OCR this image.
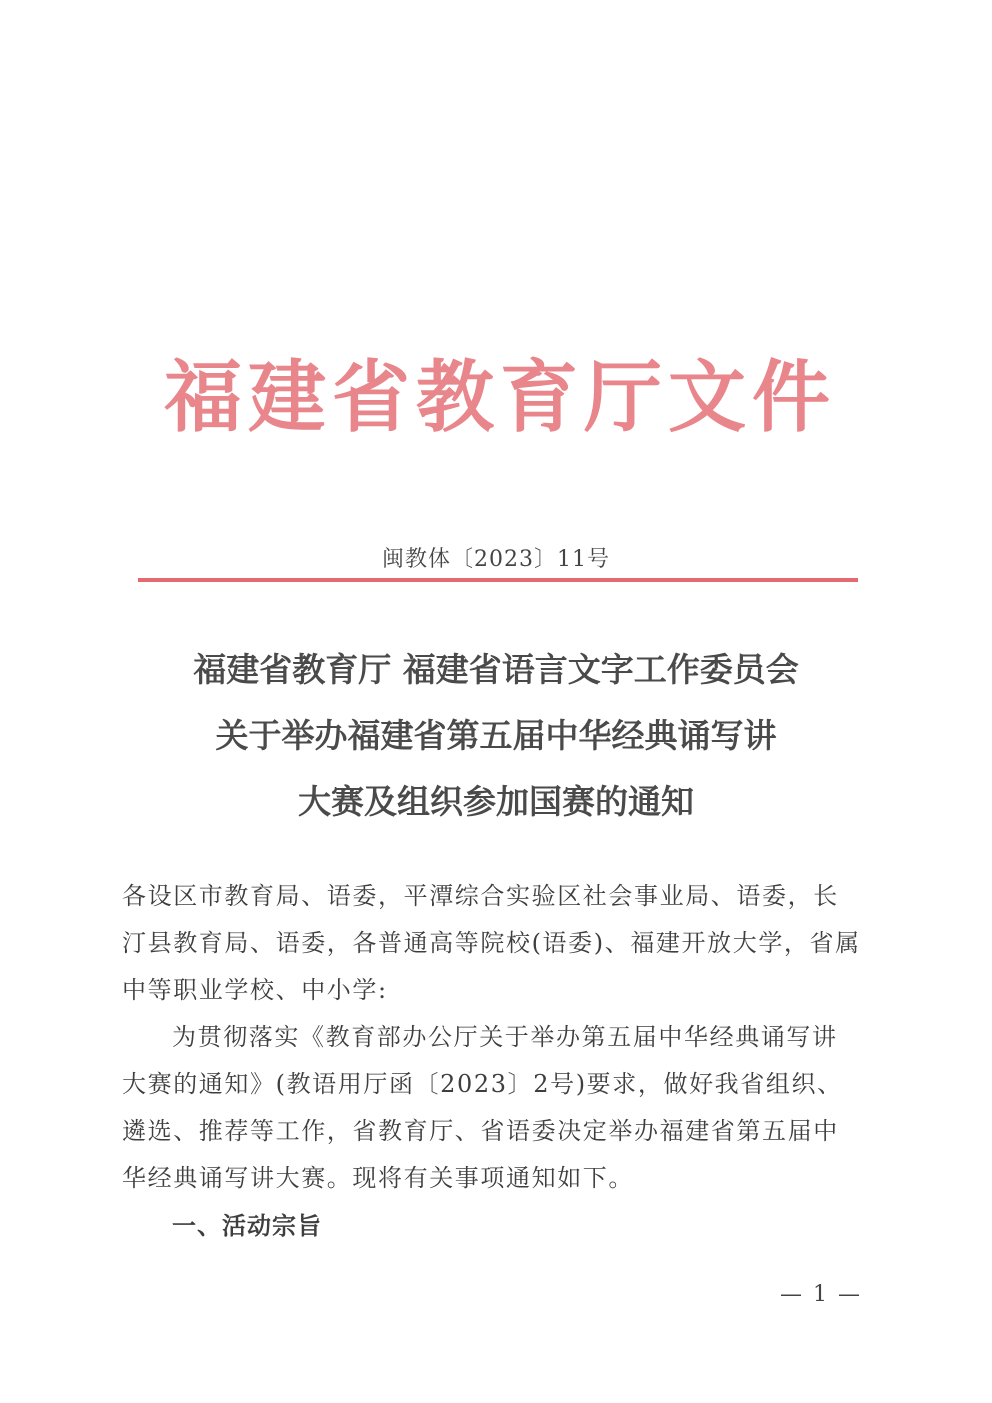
福建省教育厅文件
闽教体〔2023〕11号
福建省教育厅 福建省语言文字工作委员会
关于举办福建省第五届中华经典诵写讲
大赛及组织参加国赛的通知
各设区市教育局、语委，平潭综合实验区社会事业局、语委，长汀县教育局、语委，各普通高等院校(语委)、福建开放大学，省属中等职业学校、中小学:
为贯彻落实《教育部办公厅关于举办第五届中华经典诵写讲大赛的通知》(教语用厅函〔2023〕2号)要求，做好我省组织、遴选、推荐等工作，省教育厅、省语委决定举办福建省第五届中华经典诵写讲大赛。现将有关事项通知如下。
一、活动宗旨
— 1 —
